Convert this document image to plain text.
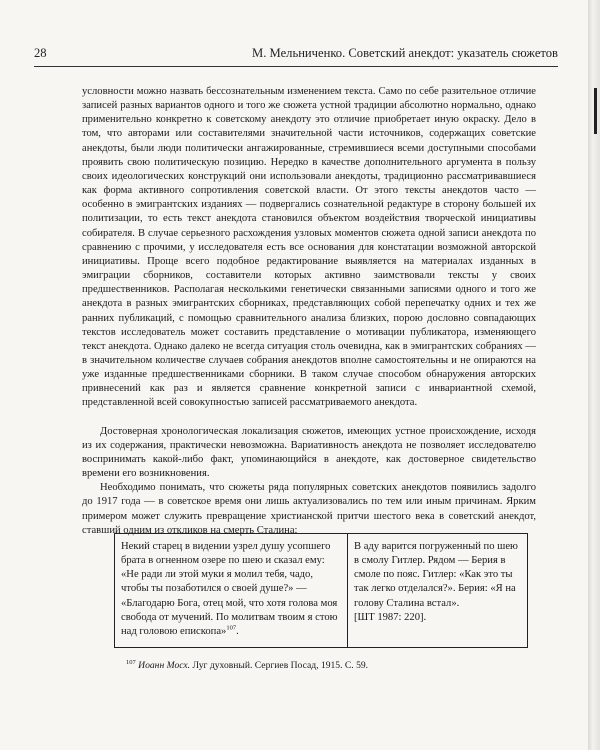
28	М. Мельниченко. Советский анекдот: указатель сюжетов

условности можно назвать бессознательным изменением текста. Само по себе разительное отличие записей разных вариантов одного и того же сюжета устной традиции абсолютно нормально, однако применительно конкретно к советскому анекдоту это отличие приобретает иную окраску. Дело в том, что авторами или составителями значительной части источников, содержащих советские анекдоты, были люди политически ангажированные, стремившиеся всеми доступными способами проявить свою политическую позицию. Нередко в качестве дополнительного аргумента в пользу своих идеологических конструкций они использовали анекдоты, традиционно рассматривавшиеся как форма активного сопротивления советской власти. От этого тексты анекдотов часто — особенно в эмигрантских изданиях — подвергались сознательной редактуре в сторону большей их политизации, то есть текст анекдота становился объектом воздействия творческой инициативы собирателя. В случае серьезного расхождения узловых моментов сюжета одной записи анекдота по сравнению с прочими, у исследователя есть все основания для констатации возможной авторской инициативы. Проще всего подобное редактирование выявляется на материалах изданных в эмиграции сборников, составители которых активно заимствовали тексты у своих предшественников. Располагая несколькими генетически связанными записями одного и того же анекдота в разных эмигрантских сборниках, представляющих собой перепечатку одних и тех же ранних публикаций, с помощью сравнительного анализа близких, порою дословно совпадающих текстов исследователь может составить представление о мотивации публикатора, изменяющего текст анекдота. Однако далеко не всегда ситуация столь очевидна, как в эмигрантских собраниях — в значительном количестве случаев собрания анекдотов вполне самостоятельны и не опираются на уже изданные предшественниками сборники. В таком случае способом обнаружения авторских привнесений как раз и является сравнение конкретной записи с инвариантной схемой, представленной всей совокупностью записей рассматриваемого анекдота.

Достоверная хронологическая локализация сюжетов, имеющих устное происхождение, исходя из их содержания, практически невозможна. Вариативность анекдота не позволяет исследователю воспринимать какой-либо факт, упоминающийся в анекдоте, как достоверное свидетельство времени его возникновения.

Необходимо понимать, что сюжеты ряда популярных советских анекдотов появились задолго до 1917 года — в советское время они лишь актуализовались по тем или иным причинам. Ярким примером может служить превращение христианской притчи шестого века в советский анекдот, ставший одним из откликов на смерть Сталина:

Некий старец в видении узрел душу усопшего брата в огненном озере по шею и сказал ему: «Не ради ли этой муки я молил тебя, чадо, чтобы ты позаботился о своей душе?» — «Благодарю Бога, отец мой, что хотя голова моя свобода от мучений. По молитвам твоим я стою над головою епископа»$^{107}$.

В аду варится погруженный по шею в смолу Гитлер. Рядом — Берия в смоле по пояс. Гитлер: «Как это ты так легко отделался?». Берия: «Я на голову Сталина встал».

[ШТ 1987: 220].

$^{107}$ Иоанн Мосх. Луг духовный. Сергиев Посад, 1915. С. 59.
